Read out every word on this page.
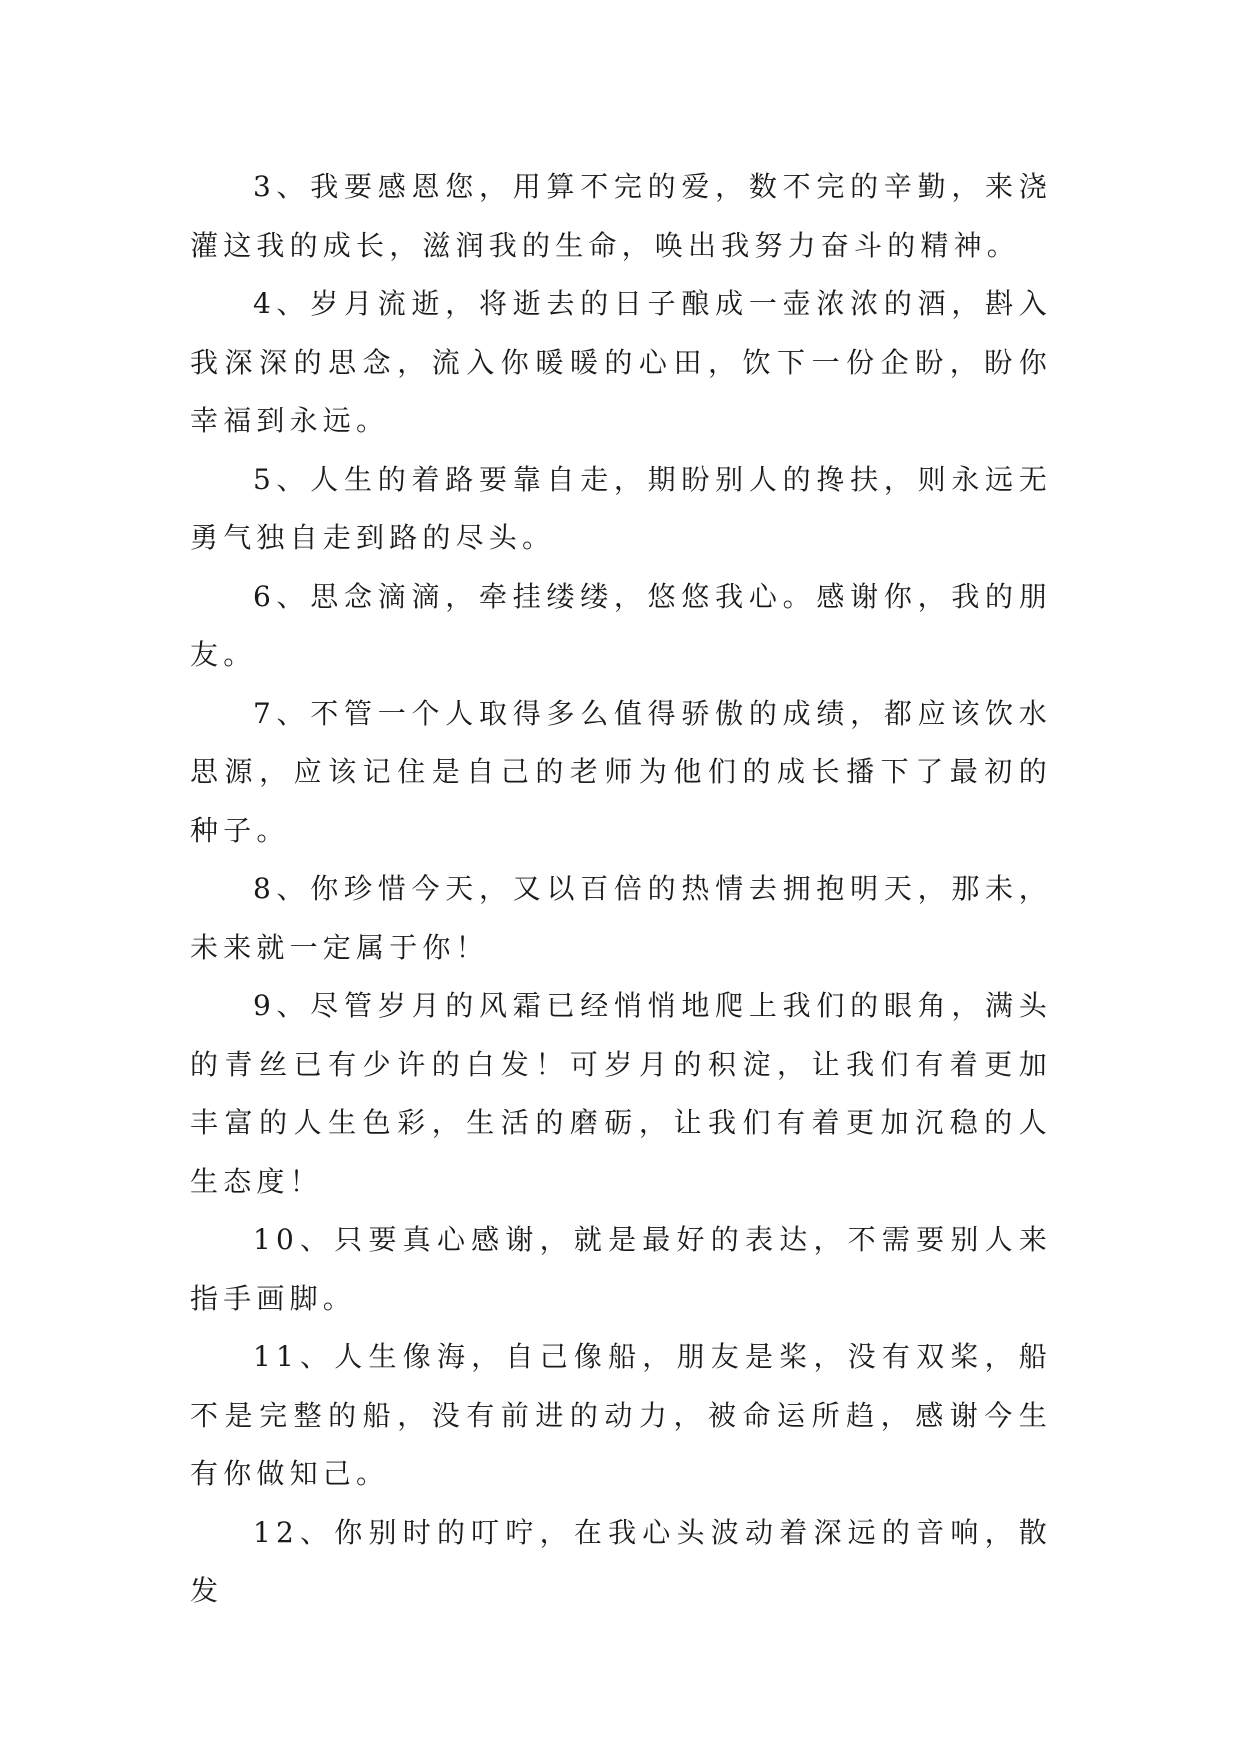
3、我要感恩您，用算不完的爱，数不完的辛勤，来浇灌这我的成长，滋润我的生命，唤出我努力奋斗的精神。

4、岁月流逝，将逝去的日子酿成一壶浓浓的酒，斟入我深深的思念，流入你暖暖的心田，饮下一份企盼，盼你幸福到永远。

5、人生的着路要靠自走，期盼别人的搀扶，则永远无勇气独自走到路的尽头。

6、思念滴滴，牵挂缕缕，悠悠我心。感谢你，我的朋友。

7、不管一个人取得多么值得骄傲的成绩，都应该饮水思源，应该记住是自己的老师为他们的成长播下了最初的种子。

8、你珍惜今天，又以百倍的热情去拥抱明天，那未，未来就一定属于你！

9、尽管岁月的风霜已经悄悄地爬上我们的眼角，满头的青丝已有少许的白发！可岁月的积淀，让我们有着更加丰富的人生色彩，生活的磨砺，让我们有着更加沉稳的人生态度！

10、只要真心感谢，就是最好的表达，不需要别人来指手画脚。

11、人生像海，自己像船，朋友是桨，没有双桨，船不是完整的船，没有前进的动力，被命运所趋，感谢今生有你做知己。

12、你别时的叮咛，在我心头波动着深远的音响，散发
